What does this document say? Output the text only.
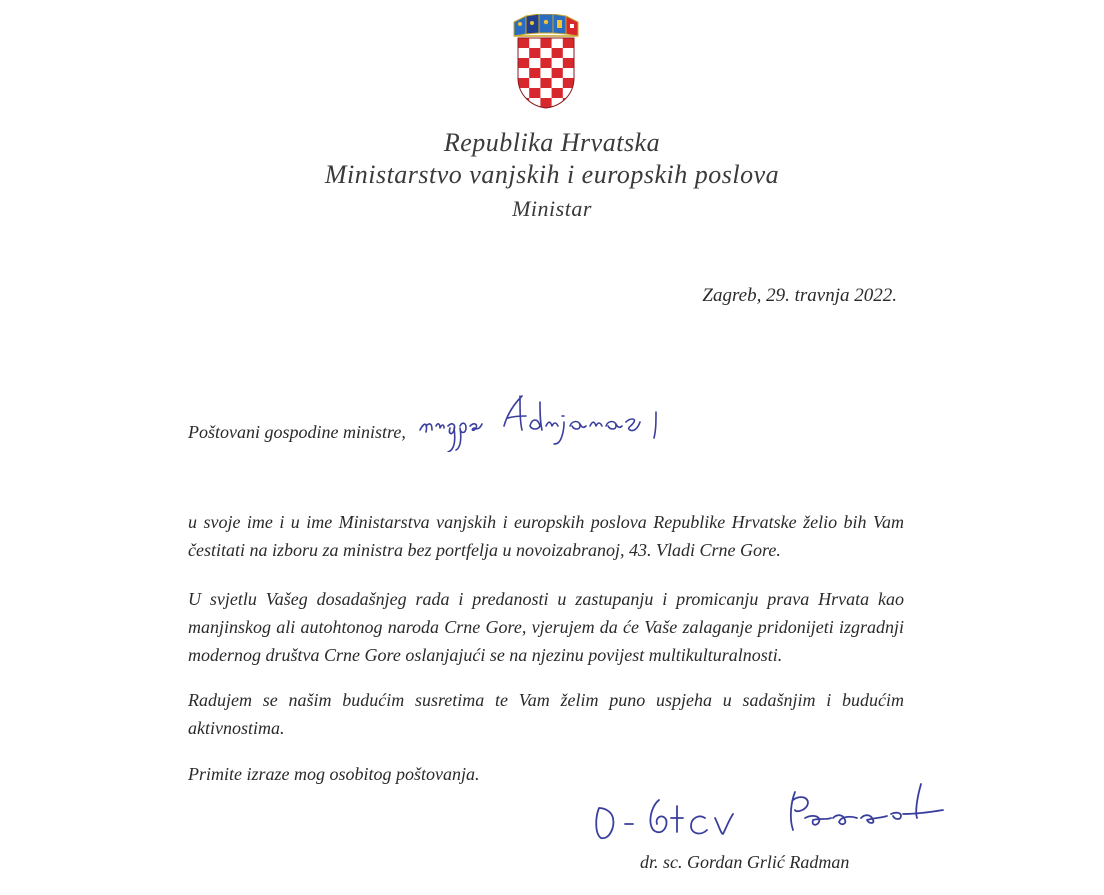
Republika Hrvatska
Ministarstvo vanjskih i europskih poslova
Ministar
Zagreb, 29. travnja 2022.
Poštovani gospodine ministre,

u svoje ime i u ime Ministarstva vanjskih i europskih poslova Republike Hrvatske želio bih Vam čestitati na izboru za ministra bez portfelja u novoizabranoj, 43. Vladi Crne Gore.

U svjetlu Vašeg dosadašnjeg rada i predanosti u zastupanju i promicanju prava Hrvata kao manjinskog ali autohtonog naroda Crne Gore, vjerujem da će Vaše zalaganje pridonijeti izgradnji modernog društva Crne Gore oslanjajući se na njezinu povijest multikulturalnosti.

Radujem se našim budućim susretima te Vam želim puno uspjeha u sadašnjim i budućim aktivnostima.

Primite izraze mog osobitog poštovanja.

dr. sc. Gordan Grlić Radman
